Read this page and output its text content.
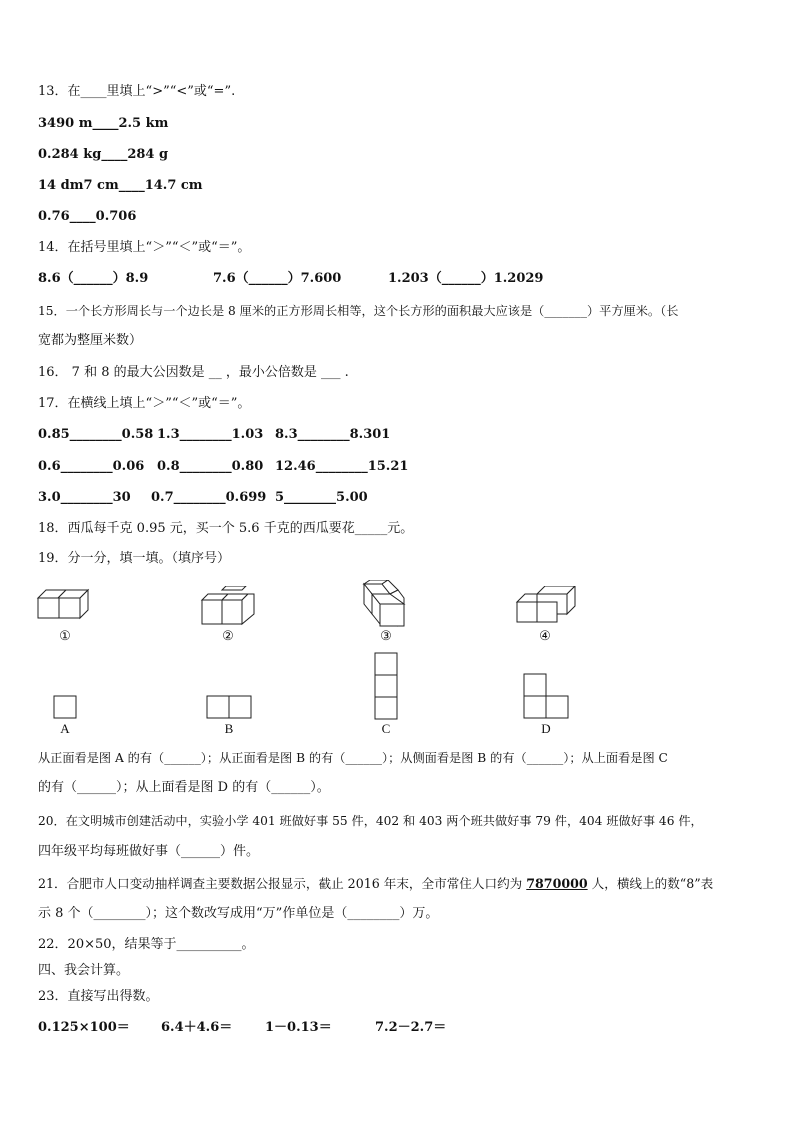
13．在____里填上“>”“<”或“=”.
3490 m____2.5 km
0.284 kg____284 g
14 dm7 cm____14.7 cm
0.76____0.706
14．在括号里填上“＞”“＜”或“＝”。
8.6（______）8.9	7.6（______）7.600	1.203（______）1.2029
15．一个长方形周长与一个边长是 8 厘米的正方形周长相等，这个长方形的面积最大应该是（_______）平方厘米。（长
宽都为整厘米数）
16． 7 和 8 的最大公因数是 __ ，最小公倍数是 ___ .
17．在横线上填上“＞”“＜”或“＝”。
0.85________0.58 1.3________1.03 8.3________8.301
0.6________0.06 0.8________0.80 12.46________15.21
3.0________30 0.7________0.699 5________5.00
18．西瓜每千克 0.95 元，买一个 5.6 千克的西瓜要花_____元。
19．分一分，填一填。（填序号）
①	②	③	④
A	B	C	D
从正面看是图 A 的有（______）；从正面看是图 B 的有（______）；从侧面看是图 B 的有（______）；从上面看是图 C
的有（______）；从上面看是图 D 的有（______）。
20．在文明城市创建活动中，实验小学 401 班做好事 55 件，402 和 403 两个班共做好事 79 件，404 班做好事 46 件，
四年级平均每班做好事（______）件。
21．合肥市人口变动抽样调查主要数据公报显示，截止 2016 年末，全市常住人口约为 7870000 人，横线上的数“8”表
示 8 个（________）；这个数改写成用“万”作单位是（________）万。
22．20×50，结果等于__________。
四、我会计算。
23．直接写出得数。
0.125×100＝ 6.4＋4.6＝	1－0.13＝	7.2－2.7＝
